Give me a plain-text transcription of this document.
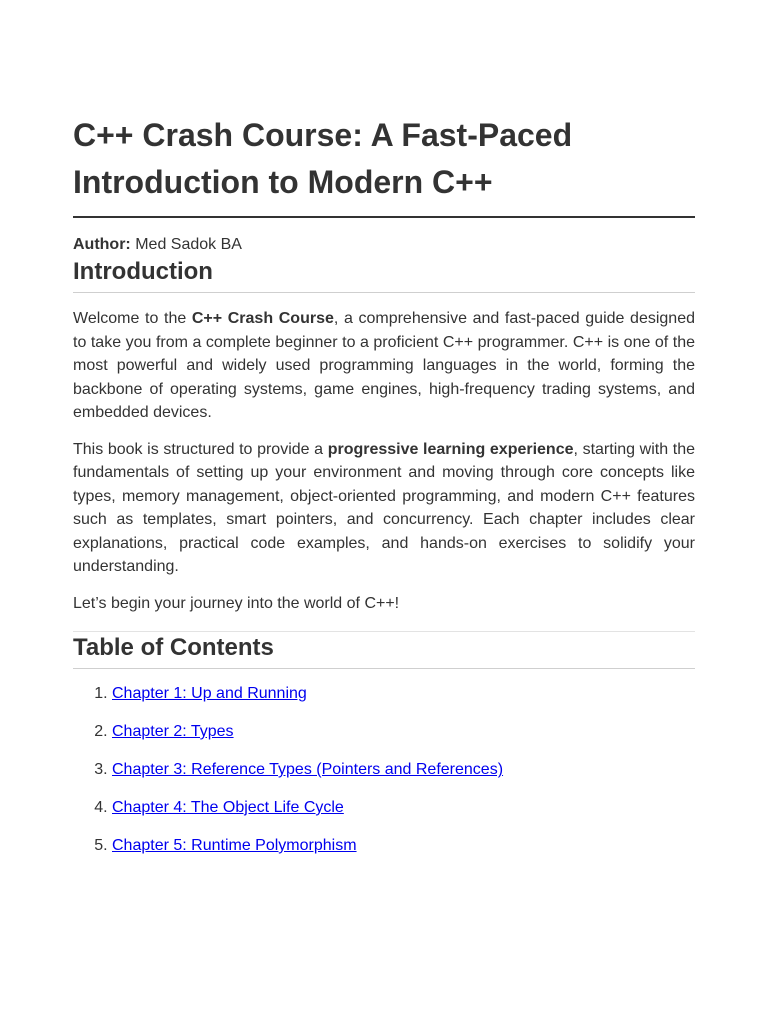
C++ Crash Course: A Fast-Paced Introduction to Modern C++
Author: Med Sadok BA
Introduction

Welcome to the C++ Crash Course, a comprehensive and fast-paced guide designed to take you from a complete beginner to a proficient C++ programmer. C++ is one of the most powerful and widely used programming languages in the world, forming the backbone of operating systems, game engines, high-frequency trading systems, and embedded devices.

This book is structured to provide a progressive learning experience, starting with the fundamentals of setting up your environment and moving through core concepts like types, memory management, object-oriented programming, and modern C++ features such as templates, smart pointers, and concurrency. Each chapter includes clear explanations, practical code examples, and hands-on exercises to solidify your understanding.

Let’s begin your journey into the world of C++!

Table of Contents
1. Chapter 1: Up and Running
2. Chapter 2: Types
3. Chapter 3: Reference Types (Pointers and References)
4. Chapter 4: The Object Life Cycle
5. Chapter 5: Runtime Polymorphism
